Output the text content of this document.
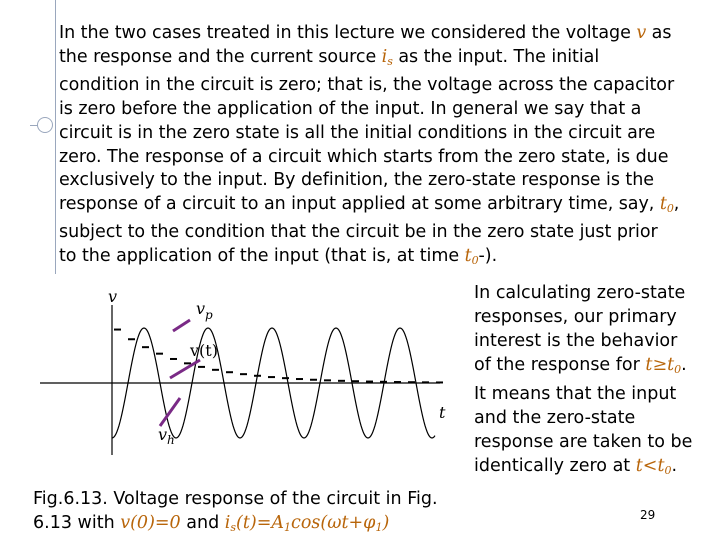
In the two cases treated in this lecture we considered the voltage v as
the response and the current source $i_s$ as the input. The initial
condition in the circuit is zero; that is, the voltage across the capacitor
is zero before the application of the input. In general we say that a
circuit is in the zero state is all the initial conditions in the circuit are
zero. The response of a circuit which starts from the zero state, is due
exclusively to the input. By definition, the zero-state response is the
response of a circuit to an input applied at some arbitrary time, say, $t_0$,
subject to the condition that the circuit be in the zero state just prior
to the application of the input (that is, at time $t_0-$).
v
$v_p$
v(t)
t
$v_h$
In calculating zero-state
responses, our primary
interest is the behavior
of the response for $t\ge t_0$.
It means that the input
and the zero-state
response are taken to be
identically zero at $t<t_0$.
Fig.6.13. Voltage response of the circuit in Fig.
6.13 with v(0)=0 and $i_s(t)=A_1\cos(\omega t+\varphi_1)$	29
